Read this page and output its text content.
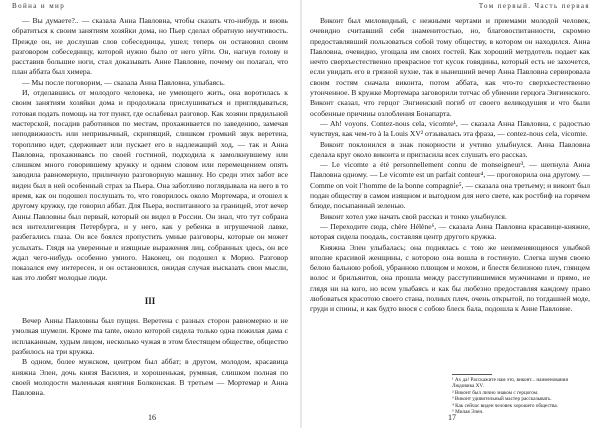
Война и мир

— Вы думаете?.. — сказала Анна Павловна, чтобы сказать что-нибудь и вновь обратиться к своим занятиям хозяйки дома, но Пьер сделал обратную неучтивость. Прежде он, не дослушав слов собеседницы, ушел; теперь он остановил своим разговором собеседницу, которой нужно было от него уйти. Он, нагнув голову и расставив большие ноги, стал доказывать Анне Павловне, почему он полагал, что план аббата был химера.

— Мы после поговорим, — сказала Анна Павловна, улыбаясь.

И, отделавшись от молодого человека, не умеющего жить, она воротилась к своим занятиям хозяйки дома и продолжала прислушиваться и приглядываться, готовая подать помощь на тот пункт, где ослабевал разговор. Как хозяин прядильной мастерской, посадив работников по местам, прохаживается по заведению, замечая неподвижность или непривычный, скрипящий, слишком громкий звук веретена, торопливо идет, сдерживает или пускает его в надлежащий ход, — так и Анна Павловна, прохаживаясь по своей гостиной, подходила к замолкнувшему или слишком много говорившему кружку и одним словом или перемещением опять заводила равномерную, приличную разговорную машину. Но среди этих забот все виден был в ней особенный страх за Пьера. Она заботливо поглядывала на него в то время, как он подошел послушать то, что говорилось около Мортемара, и отошел к другому кружку, где говорил аббат. Для Пьера, воспитанного за границей, этот вечер Анны Павловны был первый, который он видел в России. Он знал, что тут собрана вся интеллигенция Петербурга, и у него, как у ребенка в игрушечной лавке, разбегались глаза. Он все боялся пропустить умные разговоры, которые он может услыхать. Глядя на уверенные и изящные выражения лиц, собранных здесь, он все ждал чего-нибудь особенно умного. Наконец, он подошел к Морио. Разговор показался ему интересен, и он остановился, ожидая случая высказать свои мысли, как это любят молодые люди.

III

Вечер Анны Павловны был пущен. Веретена с разных сторон равномерно и не умолкая шумели. Кроме ma tante, около которой сидела только одна пожилая дама с исплаканным, худым лицом, несколько чужая в этом блестящем обществе, общество разбилось на три кружка.

В одном, более мужском, центром был аббат; в другом, молодом, красавица княжна Элен, дочь князя Василия, и хорошенькая, румяная, слишком полная по своей молодости маленькая княгиня Болконская. В третьем — Мортемар и Анна Павловна.

16
Том первый. Часть первая

Виконт был миловидный, с нежными чертами и приемами молодой человек, очевидно считавший себя знаменитостью, но, благовоспитанности, скромно предоставлявший пользоваться собой тому обществу, в котором он находился. Анна Павловна, очевидно, угощала им своих гостей. Как хороший метрдотель подает как нечто сверхъестественно прекрасное тот кусок говядины, который есть не захочется, если увидать его в грязной кухне, так в нынешний вечер Анна Павловна сервировала своим гостям сначала виконта, потом аббата, как что-то сверхъестественно утонченное. В кружке Мортемара заговорили тотчас об убиении герцога Энгиенского. Виконт сказал, что герцог Энгиенский погиб от своего великодушия и что были особенные причины озлобления Бонапарта.

— Ah! voyons. Contez-nous cela, vicomte¹, — сказала Анна Павловна, с радостью чувствуя, как чем-то à la Louis XV² отзывалась эта фраза, — contez-nous cela, vicomte.

Виконт поклонился в знак покорности и учтиво улыбнулся. Анна Павловна сделала круг около виконта и пригласила всех слушать его рассказ.

— Le vicomte a été personnellement connu de monseigneur³, — шепнула Анна Павловна одному. — Le vicomte est un parfait conteur⁴, — проговорила она другому. — Comme on voit l’homme de la bonne compagnie⁵, — сказала она третьему; и виконт был подан обществу в самом изящном и выгодном для него свете, как ростбиф на горячем блюде, посыпанный зеленью.

Виконт хотел уже начать свой рассказ и тонко улыбнулся.

— Переходите сюда, chère Hélène⁶, — сказала Анна Павловна красавице-княжне, которая сидела поодаль, составляя центр другого кружка.

Княжна Элен улыбалась; она поднялась с тою же неизменяющеюся улыбкой вполне красивой женщины, с которою она вошла в гостиную. Слегка шумя своею белою бальною робой, убранною плющом и мохом, и блестя белизною плеч, глянцем волос и брильянтов, она прошла между расступившимися мужчинами и прямо, не глядя ни на кого, но всем улыбаясь и как бы любезно предоставляя каждому право любоваться красотою своего стана, полных плеч, очень открытой, по тогдашней моде, груди и спины, и как будто внося с собою блеск бала, подошла к Анне Павловне.

¹ Ах да! Расскажите нам это, виконт... наименования Людовика XV.
² Виконт был лично знаком с герцогом.
³ Виконт удивительный мастер рассказывать.
⁴ Как сейчас виден человек хорошего общества.
⁵ Милая Элен.
17
